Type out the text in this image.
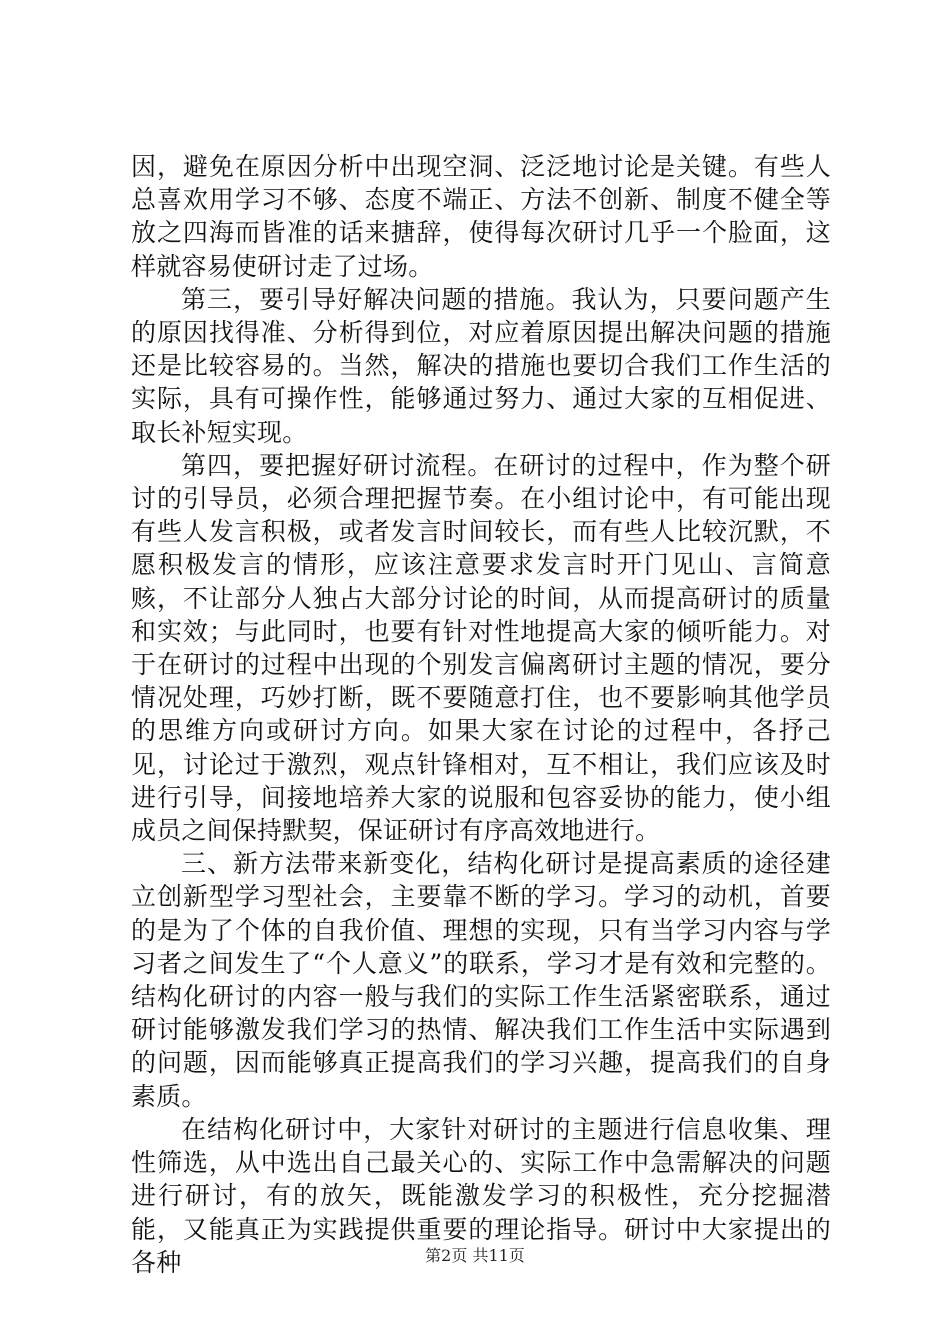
因，避免在原因分析中出现空洞、泛泛地讨论是关键。有些人总喜欢用学习不够、态度不端正、方法不创新、制度不健全等放之四海而皆准的话来搪辞，使得每次研讨几乎一个脸面，这样就容易使研讨走了过场。

第三，要引导好解决问题的措施。我认为，只要问题产生的原因找得准、分析得到位，对应着原因提出解决问题的措施还是比较容易的。当然，解决的措施也要切合我们工作生活的实际，具有可操作性，能够通过努力、通过大家的互相促进、取长补短实现。

第四，要把握好研讨流程。在研讨的过程中，作为整个研讨的引导员，必须合理把握节奏。在小组讨论中，有可能出现有些人发言积极，或者发言时间较长，而有些人比较沉默，不愿积极发言的情形，应该注意要求发言时开门见山、言简意赅，不让部分人独占大部分讨论的时间，从而提高研讨的质量和实效；与此同时，也要有针对性地提高大家的倾听能力。对于在研讨的过程中出现的个别发言偏离研讨主题的情况，要分情况处理，巧妙打断，既不要随意打住，也不要影响其他学员的思维方向或研讨方向。如果大家在讨论的过程中，各抒己见，讨论过于激烈，观点针锋相对，互不相让，我们应该及时进行引导，间接地培养大家的说服和包容妥协的能力，使小组成员之间保持默契，保证研讨有序高效地进行。

三、新方法带来新变化，结构化研讨是提高素质的途径建立创新型学习型社会，主要靠不断的学习。学习的动机，首要的是为了个体的自我价值、理想的实现，只有当学习内容与学习者之间发生了“个人意义”的联系，学习才是有效和完整的。结构化研讨的内容一般与我们的实际工作生活紧密联系，通过研讨能够激发我们学习的热情、解决我们工作生活中实际遇到的问题，因而能够真正提高我们的学习兴趣，提高我们的自身素质。

在结构化研讨中，大家针对研讨的主题进行信息收集、理性筛选，从中选出自己最关心的、实际工作中急需解决的问题进行研讨，有的放矢，既能激发学习的积极性，充分挖掘潜能，又能真正为实践提供重要的理论指导。研讨中大家提出的各种	第2页 共11页
